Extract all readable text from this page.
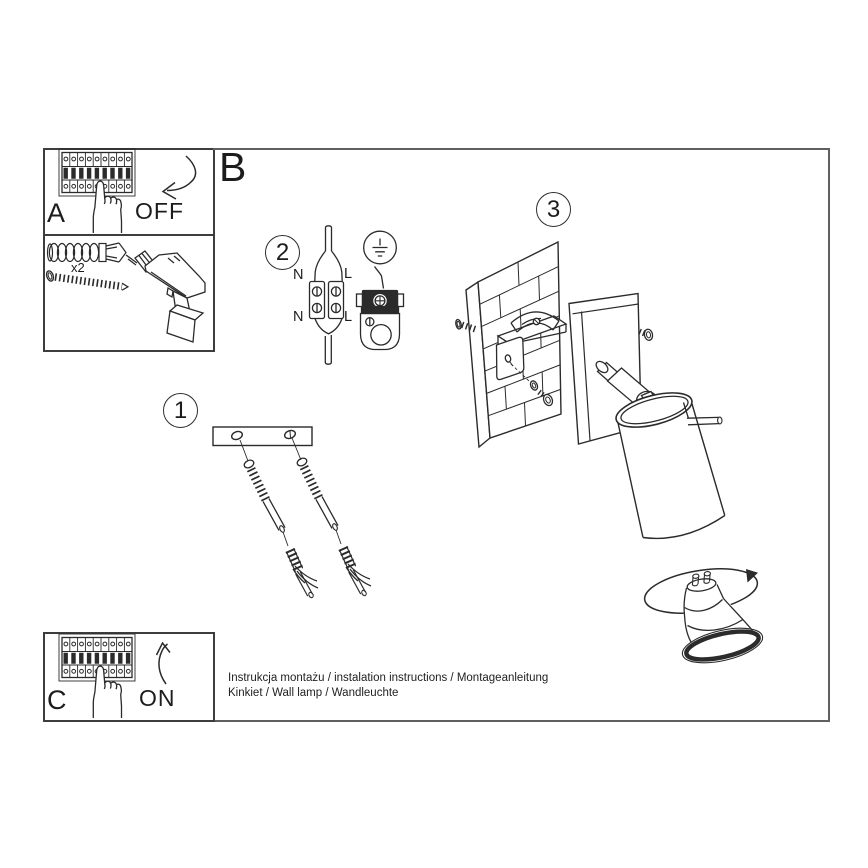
A	OFF
x2
B
C	ON
1
2
3
N	L
N	L
Instrukcja montażu / instalation instructions / Montageanleitung
Kinkiet / Wall lamp / Wandleuchte
